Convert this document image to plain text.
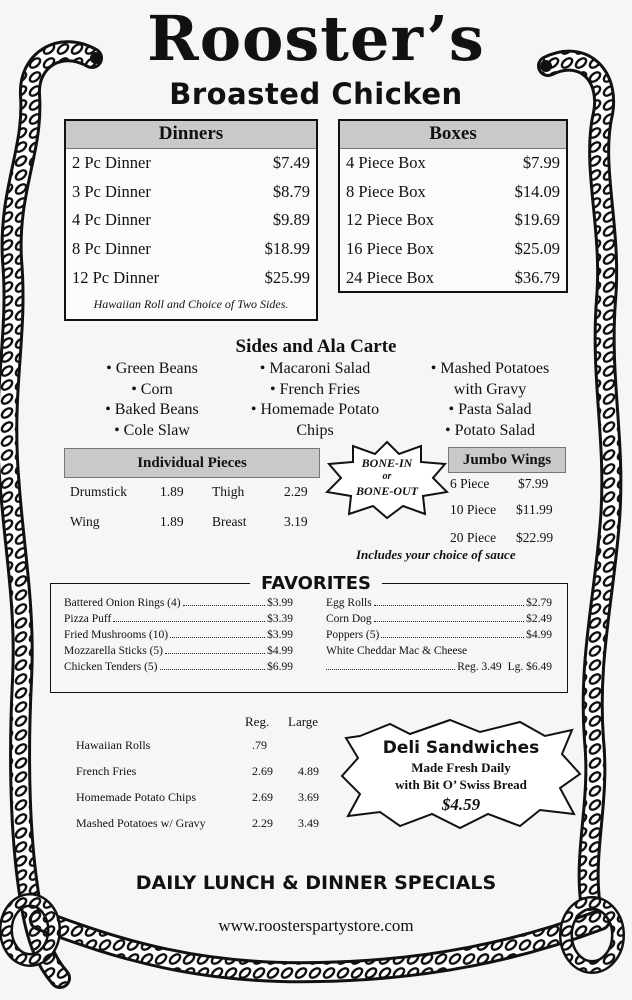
Rooster’s
Broasted Chicken
Dinners
2 Pc Dinner	$7.49
3 Pc Dinner	$8.79
4 Pc Dinner	$9.89
8 Pc Dinner	$18.99
12 Pc Dinner	$25.99
Hawaiian Roll and Choice of Two Sides.
Boxes
4 Piece Box	$7.99
8 Piece Box	$14.09
12 Piece Box	$19.69
16 Piece Box	$25.09
24 Piece Box	$36.79
Sides and Ala Carte
• Green Beans
• Corn
• Baked Beans
• Cole Slaw
• Macaroni Salad
• French Fries
• Homemade Potato
Chips
• Mashed Potatoes
with Gravy
• Pasta Salad
• Potato Salad
Individual Pieces
Drumstick 1.89 Thigh	2.29
Wing	1.89 Breast	3.19
BONE-IN
or
BONE-OUT
Jumbo Wings
6 Piece $7.99
10 Piece $11.99
20 Piece $22.99
Includes your choice of sauce
FAVORITES
Battered Onion Rings (4)	$3.99
Pizza Puff	$3.39
Fried Mushrooms (10)	$3.99
Mozzarella Sticks (5)	$4.99
Chicken Tenders (5)	$6.99
Egg Rolls	$2.79
Corn Dog	$2.49
Poppers (5)	$4.99
White Cheddar Mac & Cheese
Reg. 3.49 Lg. $6.49
Reg. Large
Hawaiian Rolls	.79
French Fries	2.69 4.89
Homemade Potato Chips	2.69 3.69
Mashed Potatoes w/ Gravy	2.29 3.49
Deli Sandwiches
Made Fresh Daily
with Bit O’ Swiss Bread
$4.59
DAILY LUNCH & DINNER SPECIALS
www.roosterspartystore.com
